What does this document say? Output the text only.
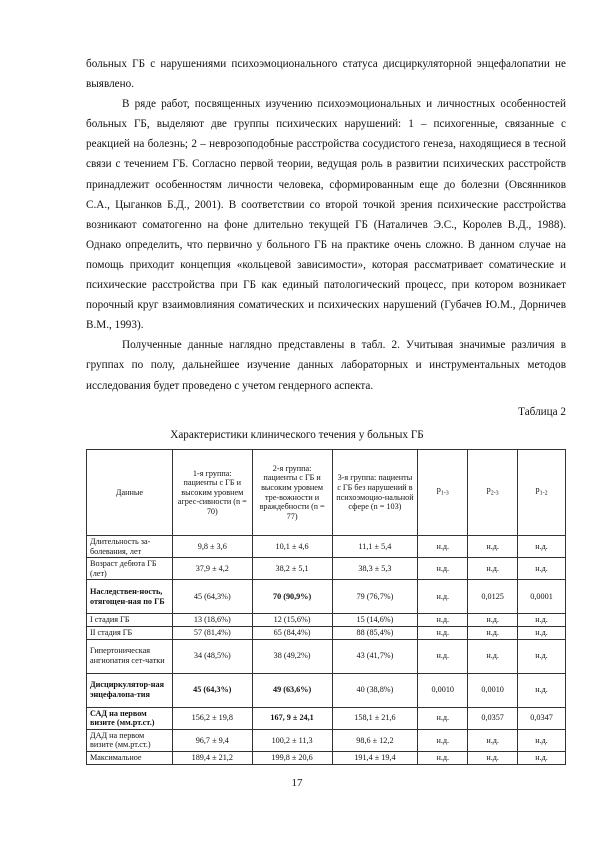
больных ГБ с нарушениями психоэмоционального статуса дисциркуляторной энцефалопатии не выявлено.

В ряде работ, посвященных изучению психоэмоциональных и личностных особенностей больных ГБ, выделяют две группы психических нарушений: 1 – психогенные, связанные с реакцией на болезнь; 2 – неврозоподобные расстройства сосудистого генеза, находящиеся в тесной связи с течением ГБ. Согласно первой теории, ведущая роль в развитии психических расстройств принадлежит особенностям личности человека, сформированным еще до болезни (Овсянников С.А., Цыганков Б.Д., 2001). В соответствии со второй точкой зрения психические расстройства возникают соматогенно на фоне длительно текущей ГБ (Наталичев Э.С., Королев В.Д., 1988). Однако определить, что первично у больного ГБ на практике очень сложно. В данном случае на помощь приходит концепция «кольцевой зависимости», которая рассматривает соматические и психические расстройства при ГБ как единый патологический процесс, при котором возникает порочный круг взаимовлияния соматических и психических нарушений (Губачев Ю.М., Дорничев В.М., 1993).

Полученные данные наглядно представлены в табл. 2. Учитывая значимые различия в группах по полу, дальнейшее изучение данных лабораторных и инструментальных методов исследования будет проведено с учетом гендерного аспекта.

Таблица 2
Характеристики клинического течения у больных ГБ
Данные	1-я группа: пациенты с ГБ и высоким уровнем агрес-сивности (n = 70)	2-я группа: пациенты с ГБ и высоким уровнем тре-вожности и враждебности (n = 77)	3-я группа: пациенты с ГБ без нарушений в психоэмоцио-нальной сфере (n = 103)	$p_{1-3}$	$p_{2-3}$	$p_{1-2}$
Длительность за-болевания, лет	9,8 ± 3,6	10,1 ± 4,6	11,1 ± 5,4	н.д.	н.д.	н.д.
Возраст дебюта ГБ (лет)	37,9 ± 4,2	38,2 ± 5,1	38,3 ± 5,3	н.д.	н.д.	н.д.
Наследствен-ность, отягощен-ная по ГБ	45 (64,3%)	70 (90,9%)	79 (76,7%)	н.д.	0,0125	0,0001
I стадия ГБ	13 (18,6%)	12 (15,6%)	15 (14,6%)	н.д.	н.д.	н.д.
II стадия ГБ	57 (81,4%)	65 (84,4%)	88 (85,4%)	н.д.	н.д.	н.д.
Гипертоническая ангиопатия сет-чатки	34 (48,5%)	38 (49,2%)	43 (41,7%)	н.д.	н.д.	н.д.
Дисциркулятор-ная энцефалопа-тия	45 (64,3%)	49 (63,6%)	40 (38,8%)	0,0010	0,0010	н.д.
САД на первом визите (мм.рт.ст.)	156,2 ± 19,8	167, 9 ± 24,1	158,1 ± 21,6	н.д.	0,0357	0,0347
ДАД на первом визите (мм.рт.ст.)	96,7 ± 9,4	100,2 ± 11,3	98,6 ± 12,2	н.д.	н.д.	н.д.
Максимальное	189,4 ± 21,2	199,8 ± 20,6	191,4 ± 19,4	н.д.	н.д.	н.д.
17
